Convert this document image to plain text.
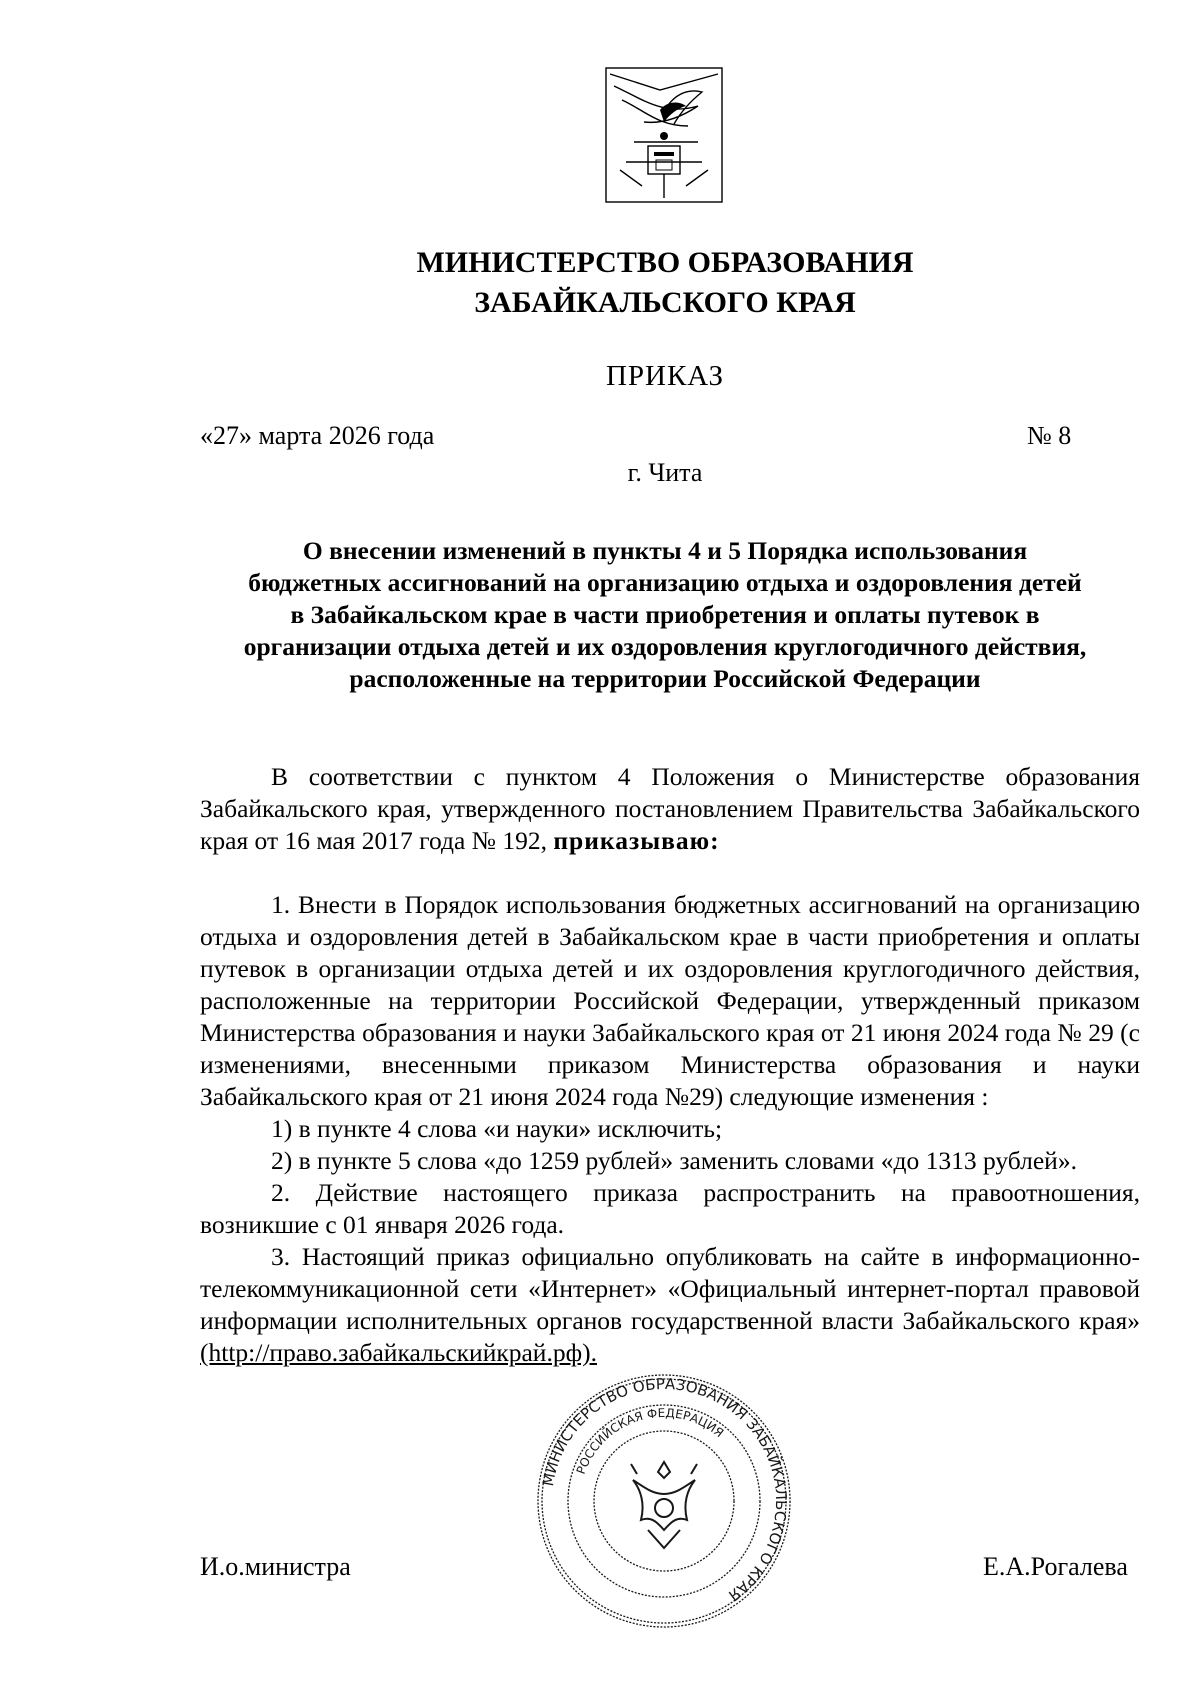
МИНИСТЕРСТВО ОБРАЗОВАНИЯ
ЗАБАЙКАЛЬСКОГО КРАЯ
ПРИКАЗ
«27» марта 2026 года	№ 8
г. Чита
О внесении изменений в пункты 4 и 5 Порядка использования
бюджетных ассигнований на организацию отдыха и оздоровления детей
в Забайкальском крае в части приобретения и оплаты путевок в
организации отдыха детей и их оздоровления круглогодичного действия,
расположенные на территории Российской Федерации

В соответствии с пунктом 4 Положения о Министерстве образования Забайкальского края, утвержденного постановлением Правительства Забайкальского края от 16 мая 2017 года № 192, приказываю:

1. Внести в Порядок использования бюджетных ассигнований на организацию отдыха и оздоровления детей в Забайкальском крае в части приобретения и оплаты путевок в организации отдыха детей и их оздоровления круглогодичного действия, расположенные на территории Российской Федерации, утвержденный приказом Министерства образования и науки Забайкальского края от 21 июня 2024 года № 29 (с изменениями, внесенными приказом Министерства образования и науки Забайкальского края от 21 июня 2024 года №29) следующие изменения :

1) в пункте 4 слова «и науки» исключить;

2) в пункте 5 слова «до 1259 рублей» заменить словами «до 1313 рублей».

2. Действие настоящего приказа распространить на правоотношения, возникшие с 01 января 2026 года.

3. Настоящий приказ официально опубликовать на сайте в информационно-телекоммуникационной сети «Интернет» «Официальный интернет-портал правовой информации исполнительных органов государственной власти Забайкальского края» (http://право.забайкальскийкрай.рф).

МИНИСТЕРСТВО ОБРАЗОВАНИЯ ЗАБАЙКАЛЬСКОГО КРАЯ
РОССИЙСКАЯ ФЕДЕРАЦИЯ
И.о.министра	Е.А.Рогалева
